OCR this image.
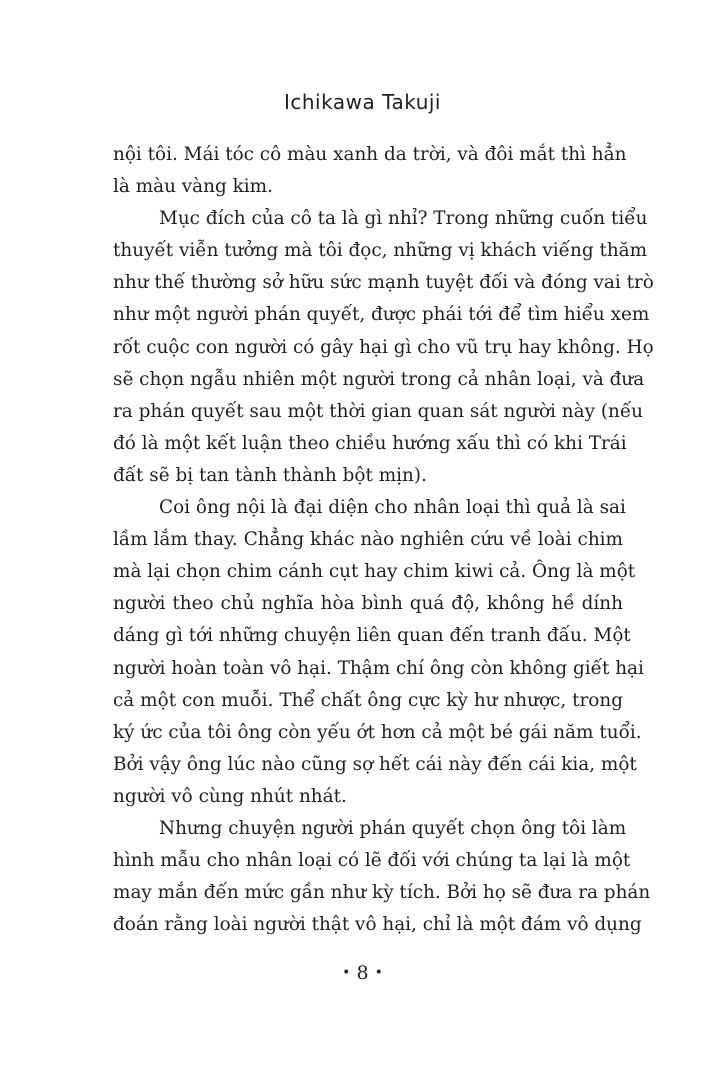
Ichikawa Takuji
nội tôi. Mái tóc cô màu xanh da trời, và đôi mắt thì hẳn
là màu vàng kim.
Mục đích của cô ta là gì nhỉ? Trong những cuốn tiểu
thuyết viễn tưởng mà tôi đọc, những vị khách viếng thăm
như thế thường sở hữu sức mạnh tuyệt đối và đóng vai trò
như một người phán quyết, được phái tới để tìm hiểu xem
rốt cuộc con người có gây hại gì cho vũ trụ hay không. Họ
sẽ chọn ngẫu nhiên một người trong cả nhân loại, và đưa
ra phán quyết sau một thời gian quan sát người này (nếu
đó là một kết luận theo chiều hướng xấu thì có khi Trái
đất sẽ bị tan tành thành bột mịn).
Coi ông nội là đại diện cho nhân loại thì quả là sai
lầm lắm thay. Chẳng khác nào nghiên cứu về loài chim
mà lại chọn chim cánh cụt hay chim kiwi cả. Ông là một
người theo chủ nghĩa hòa bình quá độ, không hề dính
dáng gì tới những chuyện liên quan đến tranh đấu. Một
người hoàn toàn vô hại. Thậm chí ông còn không giết hại
cả một con muỗi. Thể chất ông cực kỳ hư nhược, trong
ký ức của tôi ông còn yếu ớt hơn cả một bé gái năm tuổi.
Bởi vậy ông lúc nào cũng sợ hết cái này đến cái kia, một
người vô cùng nhút nhát.
Nhưng chuyện người phán quyết chọn ông tôi làm
hình mẫu cho nhân loại có lẽ đối với chúng ta lại là một
may mắn đến mức gần như kỳ tích. Bởi họ sẽ đưa ra phán
đoán rằng loài người thật vô hại, chỉ là một đám vô dụng
• 8 •
